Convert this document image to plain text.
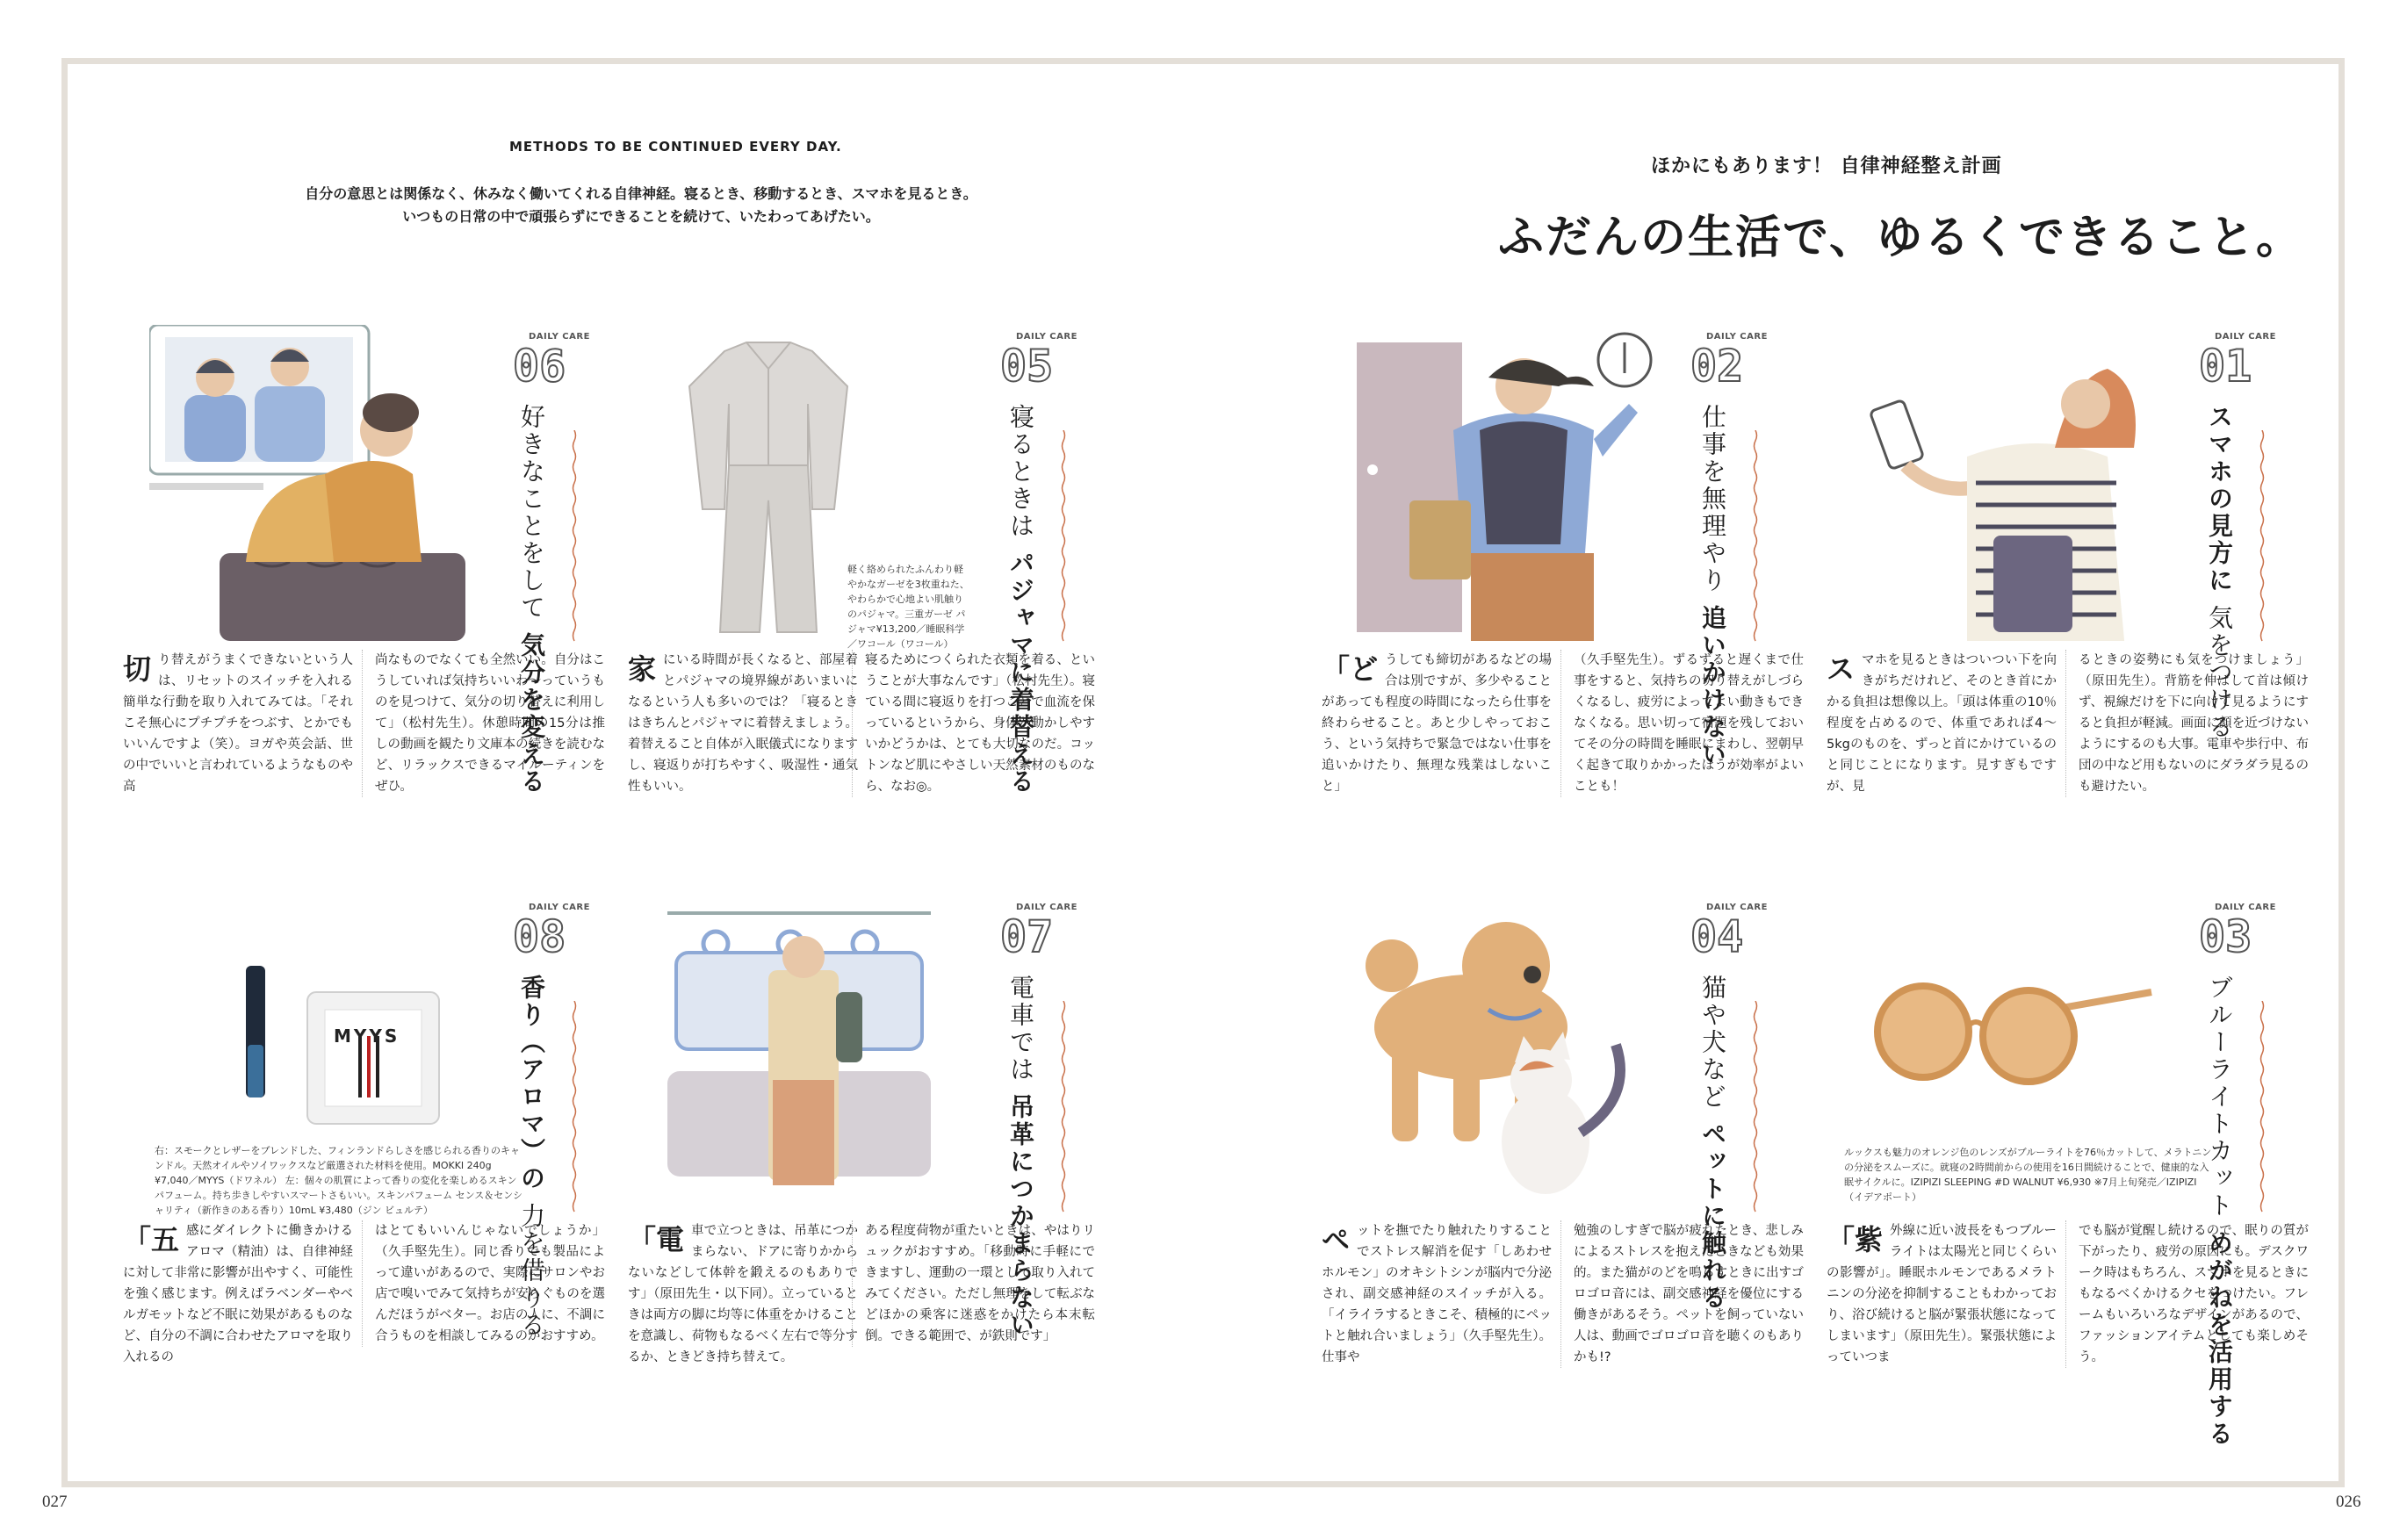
METHODS TO BE CONTINUED EVERY DAY.
自分の意思とは関係なく、休みなく働いてくれる自律神経。寝るとき、移動するとき、スマホを見るとき。
いつもの日常の中で頑張らずにできることを続けて、いたわってあげたい。
ほかにもあります！ 自律神経整え計画
ふだんの生活で、ゆるくできること。
027	026
DAILY CARE
06
好きなことをして 気分を変える
切り替えがうまくできないという人は、リセットのスイッチを入れる簡単な行動を取り入れてみては。「それこそ無心にプチプチをつぶす、とかでもいいんですよ（笑）。ヨガや英会話、世の中でいいと言われているようなものや高
尚なものでなくても全然いい。自分はこうしていれば気持ちいいわ〜っていうものを見つけて、気分の切り替えに利用して」（松村先生）。休憩時間の15分は推しの動画を観たり文庫本の続きを読むなど、リラックスできるマイルーティンをぜひ。
軽く絡められたふんわり軽やかなガーゼを3枚重ねた、やわらかで心地よい肌触りのパジャマ。三重ガーゼ パジャマ¥13,200／睡眠科学／ワコール（ワコール）
DAILY CARE
05
寝るときは パジャマに着替える
家にいる時間が長くなると、部屋着とパジャマの境界線があいまいになるという人も多いのでは？「寝るときはきちんとパジャマに着替えましょう。着替えること自体が入眠儀式になりますし、寝返りが打ちやすく、吸湿性・通気性もいい。
寝るためにつくられた衣類を着る、ということが大事なんです」（松村先生）。寝ている間に寝返りを打つことで血流を保っているというから、身体が動かしやすいかどうかは、とても大切なのだ。コットンなど肌にやさしい天然素材のものなら、なお◎。
DAILY CARE
02
仕事を無理やり 追いかけない
「どうしても締切があるなどの場合は別ですが、多少やることがあっても程度の時間になったら仕事を終わらせること。あと少しやっておこう、という気持ちで緊急ではない仕事を追いかけたり、無理な残業はしないこと」
（久手堅先生）。ずるずると遅くまで仕事をすると、気持ちの切り替えがしづらくなるし、疲労によってよい動きもできなくなる。思い切って宿題を残しておいてその分の時間を睡眠にまわし、翌朝早く起きて取りかかったほうが効率がよいことも！
DAILY CARE
01
スマホの見方に 気をつける
スマホを見るときはついつい下を向きがちだけれど、そのとき首にかかる負担は想像以上。「頭は体重の10％程度を占めるので、体重であれば4〜5kgのものを、ずっと首にかけているのと同じことになります。見すぎもですが、見
るときの姿勢にも気をつけましょう」（原田先生）。背筋を伸ばして首は傾けず、視線だけを下に向けて見るようにすると負担が軽減。画面に顔を近づけないようにするのも大事。電車や歩行中、布団の中など用もないのにダラダラ見るのも避けたい。
MYYS
右：スモークとレザーをブレンドした、フィンランドらしさを感じられる香りのキャンドル。天然オイルやソイワックスなど厳選された材料を使用。MOKKI 240g ¥7,040／MYYS（ドワネル） 左：個々の肌質によって香りの変化を楽しめるスキンパフューム。持ち歩きしやすいスマートさもいい。スキンパフューム センス＆センシャリティ（新作きのある香り）10mL ¥3,480（ジン ビュルテ）
DAILY CARE
08
香り（アロマ）の 力を借りる
「五感にダイレクトに働きかけるアロマ（精油）は、自律神経に対して非常に影響が出やすく、可能性を強く感じます。例えばラベンダーやベルガモットなど不眠に効果があるものなど、自分の不調に合わせたアロマを取り入れるの
はとてもいいんじゃないでしょうか」（久手堅先生）。同じ香りでも製品によって違いがあるので、実際にサロンやお店で嗅いでみて気持ちが安らぐものを選んだほうがベター。お店の人に、不調に合うものを相談してみるのがおすすめ。
DAILY CARE
07
電車では 吊革につかまらない
「電車で立つときは、吊革につかまらない、ドアに寄りかからないなどして体幹を鍛えるのもありです」（原田先生・以下同）。立っているときは両方の脚に均等に体重をかけることを意識し、荷物もなるべく左右で等分するか、ときどき持ち替えて。
ある程度荷物が重たいときは、やはりリュックがおすすめ。「移動時に手軽にできますし、運動の一環として取り入れてみてください。ただし無理をして転ぶなどほかの乗客に迷惑をかけたら本末転倒。できる範囲で、が鉄則です」
DAILY CARE
04
猫や犬など ペットに触れる
ペットを撫でたり触れたりすることでストレス解消を促す「しあわせホルモン」のオキシトシンが脳内で分泌され、副交感神経のスイッチが入る。「イライラするときこそ、積極的にペットと触れ合いましょう」（久手堅先生）。仕事や
勉強のしすぎで脳が疲れたとき、悲しみによるストレスを抱えたときなども効果的。また猫がのどを鳴らすときに出すゴロゴロ音には、副交感神経を優位にする働きがあるそう。ペットを飼っていない人は、動画でゴロゴロ音を聴くのもありかも!?
ルックスも魅力のオレンジ色のレンズがブルーライトを76％カットして、メラトニンの分泌をスムーズに。就寝の2時間前からの使用を16日間続けることで、健康的な入眠サイクルに。IZIPIZI SLEEPING #D WALNUT ¥6,930 ※7月上旬発売／IZIPIZI（イデアポート）
DAILY CARE
03
ブルーライトカット めがねを活用する
「紫外線に近い波長をもつブルーライトは太陽光と同じくらいの影響が」。睡眠ホルモンであるメラトニンの分泌を抑制することもわかっており、浴び続けると脳が緊張状態になってしまいます」（原田先生）。緊張状態によっていつま
でも脳が覚醒し続けるので、眠りの質が下がったり、疲労の原因にも。デスクワーク時はもちろん、スマホを見るときにもなるべくかけるクセをつけたい。フレームもいろいろなデザインがあるので、ファッションアイテムとしても楽しめそう。
